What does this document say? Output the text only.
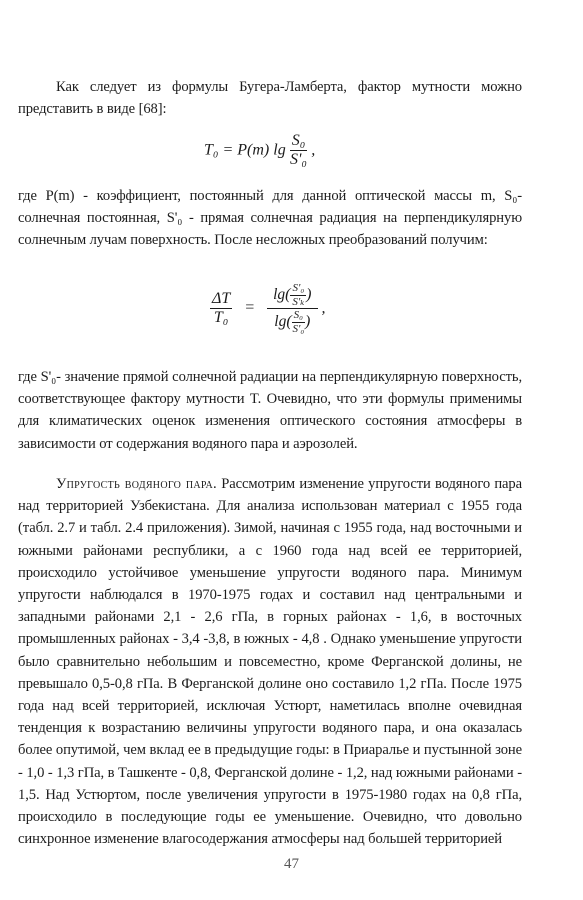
Как следует из формулы Бугера-Ламберта, фактор мутности можно представить в виде [68]:
T₀ = P(m) $\lg \frac{\text{S₀}}{\text{S'₀}}$ ,
где P(m) - коэффициент, постоянный для данной оптической массы m, S₀- солнечная постоянная, S'₀ - прямая солнечная радиация на перпендикулярную солнечным лучам поверхность. После несложных преобразований получим:
$\frac{\Delta T}{\text{T₀}} = \frac{\lg( \frac{\text{S'₀}}{\text{S'ₖ}} )}{\lg( \frac{\text{S₀}}{\text{S'₀}} )}$ ,
где S'₀- значение прямой солнечной радиации на перпендикулярную поверхность, соответствующее фактору мутности T. Очевидно, что эти формулы применимы для климатических оценок изменения оптического состояния атмосферы в зависимости от содержания водяного пара и аэрозолей.
Упругость водяного пара. Рассмотрим изменение упругости водяного пара над территорией Узбекистана. Для анализа использован материал с 1955 года (табл. 2.7 и табл. 2.4 приложения). Зимой, начиная с 1955 года, над восточными и южными районами республики, а с 1960 года над всей ее территорией, происходило устойчивое уменьшение упругости водяного пара. Минимум упругости наблюдался в 1970-1975 годах и составил над центральными и западными районами 2,1 - 2,6 гПа, в горных районах - 1,6, в восточных промышленных районах - 3,4 -3,8, в южных - 4,8 . Однако уменьшение упругости было сравнительно небольшим и повсеместно, кроме Ферганской долины, не превышало 0,5-0,8 гПа. В Ферганской долине оно составило 1,2 гПа. После 1975 года над всей территорией, исключая Устюрт, наметилась вполне очевидная тенденция к возрастанию величины упругости водяного пара, и она оказалась более опутимой, чем вклад ее в предыдущие годы: в Приаралье и пустынной зоне - 1,0 - 1,3 гПа, в Ташкенте - 0,8, Ферганской долине - 1,2, над южными районами - 1,5. Над Устюртом, после увеличения упругости в 1975-1980 годах на 0,8 гПа, происходило в последующие годы ее уменьшение. Очевидно, что довольно синхронное изменение влагосодержания атмосферы над большей территорией
47
